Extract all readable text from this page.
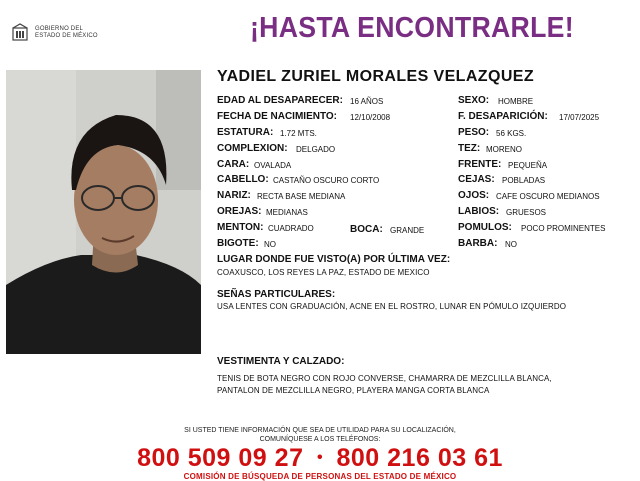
GOBIERNO DEL
ESTADO DE MÉXICO	¡HASTA ENCONTRARLE!
YADIEL ZURIEL MORALES VELAZQUEZ
EDAD AL DESAPARECER: 16 AÑOS
FECHA DE NACIMIENTO: 12/10/2008
ESTATURA: 1.72 MTS.
COMPLEXION: DELGADO
CARA: OVALADA
CABELLO: CASTAÑO OSCURO CORTO
NARIZ: RECTA BASE MEDIANA
OREJAS: MEDIANAS
MENTON: CUADRADO	BOCA: GRANDE
BIGOTE: NO
SEXO: HOMBRE
F. DESAPARICIÓN: 17/07/2025
PESO: 56 KGS.
TEZ: MORENO
FRENTE: PEQUEÑA
CEJAS: POBLADAS
OJOS: CAFE OSCURO MEDIANOS
LABIOS: GRUESOS
POMULOS: POCO PROMINENTES
BARBA: NO
LUGAR DONDE FUE VISTO(A) POR ÚLTIMA VEZ:
COAXUSCO, LOS REYES LA PAZ, ESTADO DE MEXICO
SEÑAS PARTICULARES:
USA LENTES CON GRADUACIÓN, ACNE EN EL ROSTRO, LUNAR EN PÓMULO IZQUIERDO
VESTIMENTA Y CALZADO:
TENIS DE BOTA NEGRO CON ROJO CONVERSE, CHAMARRA DE MEZCLILLA BLANCA,
PANTALON DE MEZCLILLA NEGRO, PLAYERA MANGA CORTA BLANCA
SI USTED TIENE INFORMACIÓN QUE SEA DE UTILIDAD PARA SU LOCALIZACIÓN,
COMUNÍQUESE A LOS TELÉFONOS:
800 509 09 27 • 800 216 03 61
COMISIÓN DE BÚSQUEDA DE PERSONAS DEL ESTADO DE MÉXICO
